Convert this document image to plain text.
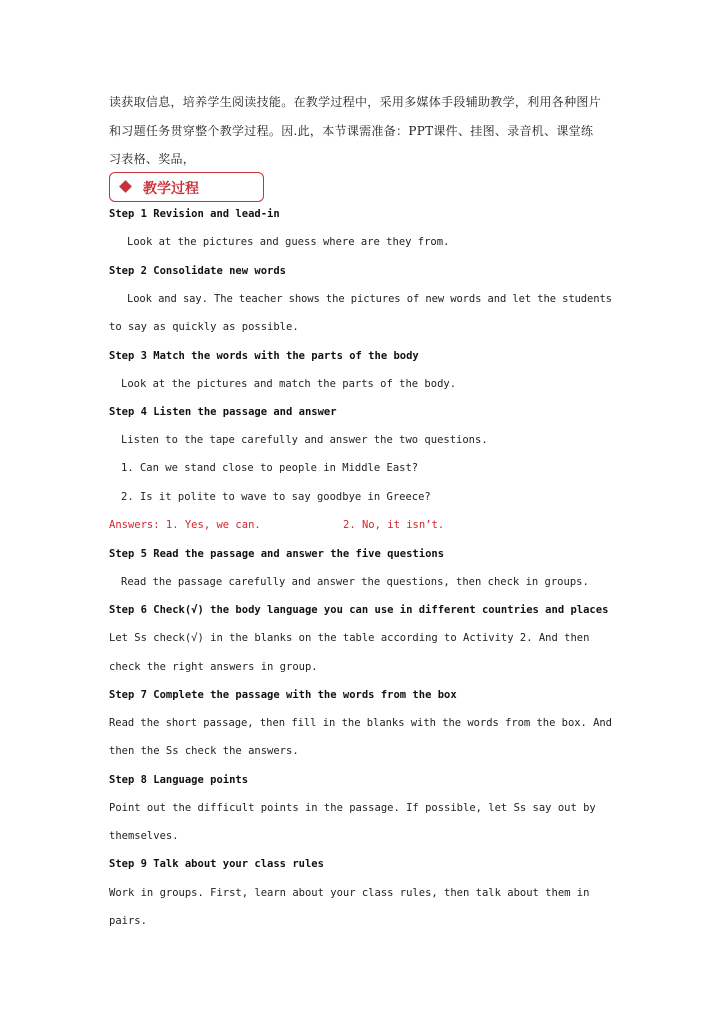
读获取信息，培养学生阅读技能。在教学过程中，采用多媒体手段辅助教学，利用各种图片
和习题任务贯穿整个教学过程。因.此，本节课需准备：PPT课件、挂图、录音机、课堂练
习表格、奖品，
教学过程
Step 1 Revision and lead-in
Look at the pictures and guess where are they from.
Step 2 Consolidate new words
Look and say. The teacher shows the pictures of new words and let the students
to say as quickly as possible.
Step 3 Match the words with the parts of the body
Look at the pictures and match the parts of the body.
Step 4 Listen the passage and answer
Listen to the tape carefully and answer the two questions.
1. Can we stand close to people in Middle East?
2. Is it polite to wave to say goodbye in Greece?
Answers: 1. Yes, we can.	2. No, it isn’t.
Step 5 Read the passage and answer the five questions
Read the passage carefully and answer the questions, then check in groups.
Step 6 Check(√) the body language you can use in different countries and places
Let Ss check(√) in the blanks on the table according to Activity 2. And then
check the right answers in group.
Step 7 Complete the passage with the words from the box
Read the short passage, then fill in the blanks with the words from the box. And
then the Ss check the answers.
Step 8 Language points
Point out the difficult points in the passage. If possible, let Ss say out by
themselves.
Step 9 Talk about your class rules
Work in groups. First, learn about your class rules, then talk about them in
pairs.
